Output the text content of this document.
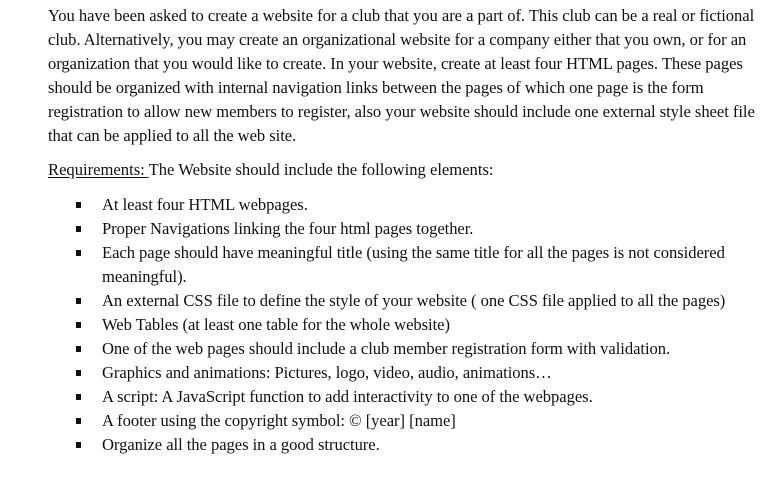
You have been asked to create a website for a club that you are a part of. This club can be a real or fictional club. Alternatively, you may create an organizational website for a company either that you own, or for an organization that you would like to create. In your website, create at least four HTML pages. These pages should be organized with internal navigation links between the pages of which one page is the form registration to allow new members to register, also your website should include one external style sheet file that can be applied to all the web site.

Requirements: The Website should include the following elements:

At least four HTML webpages.
Proper Navigations linking the four html pages together.
Each page should have meaningful title (using the same title for all the pages is not considered meaningful).
An external CSS file to define the style of your website ( one CSS file applied to all the pages)
Web Tables (at least one table for the whole website)
One of the web pages should include a club member registration form with validation.
Graphics and animations: Pictures, logo, video, audio, animations…
A script: A JavaScript function to add interactivity to one of the webpages.
A footer using the copyright symbol: © [year] [name]
Organize all the pages in a good structure.
